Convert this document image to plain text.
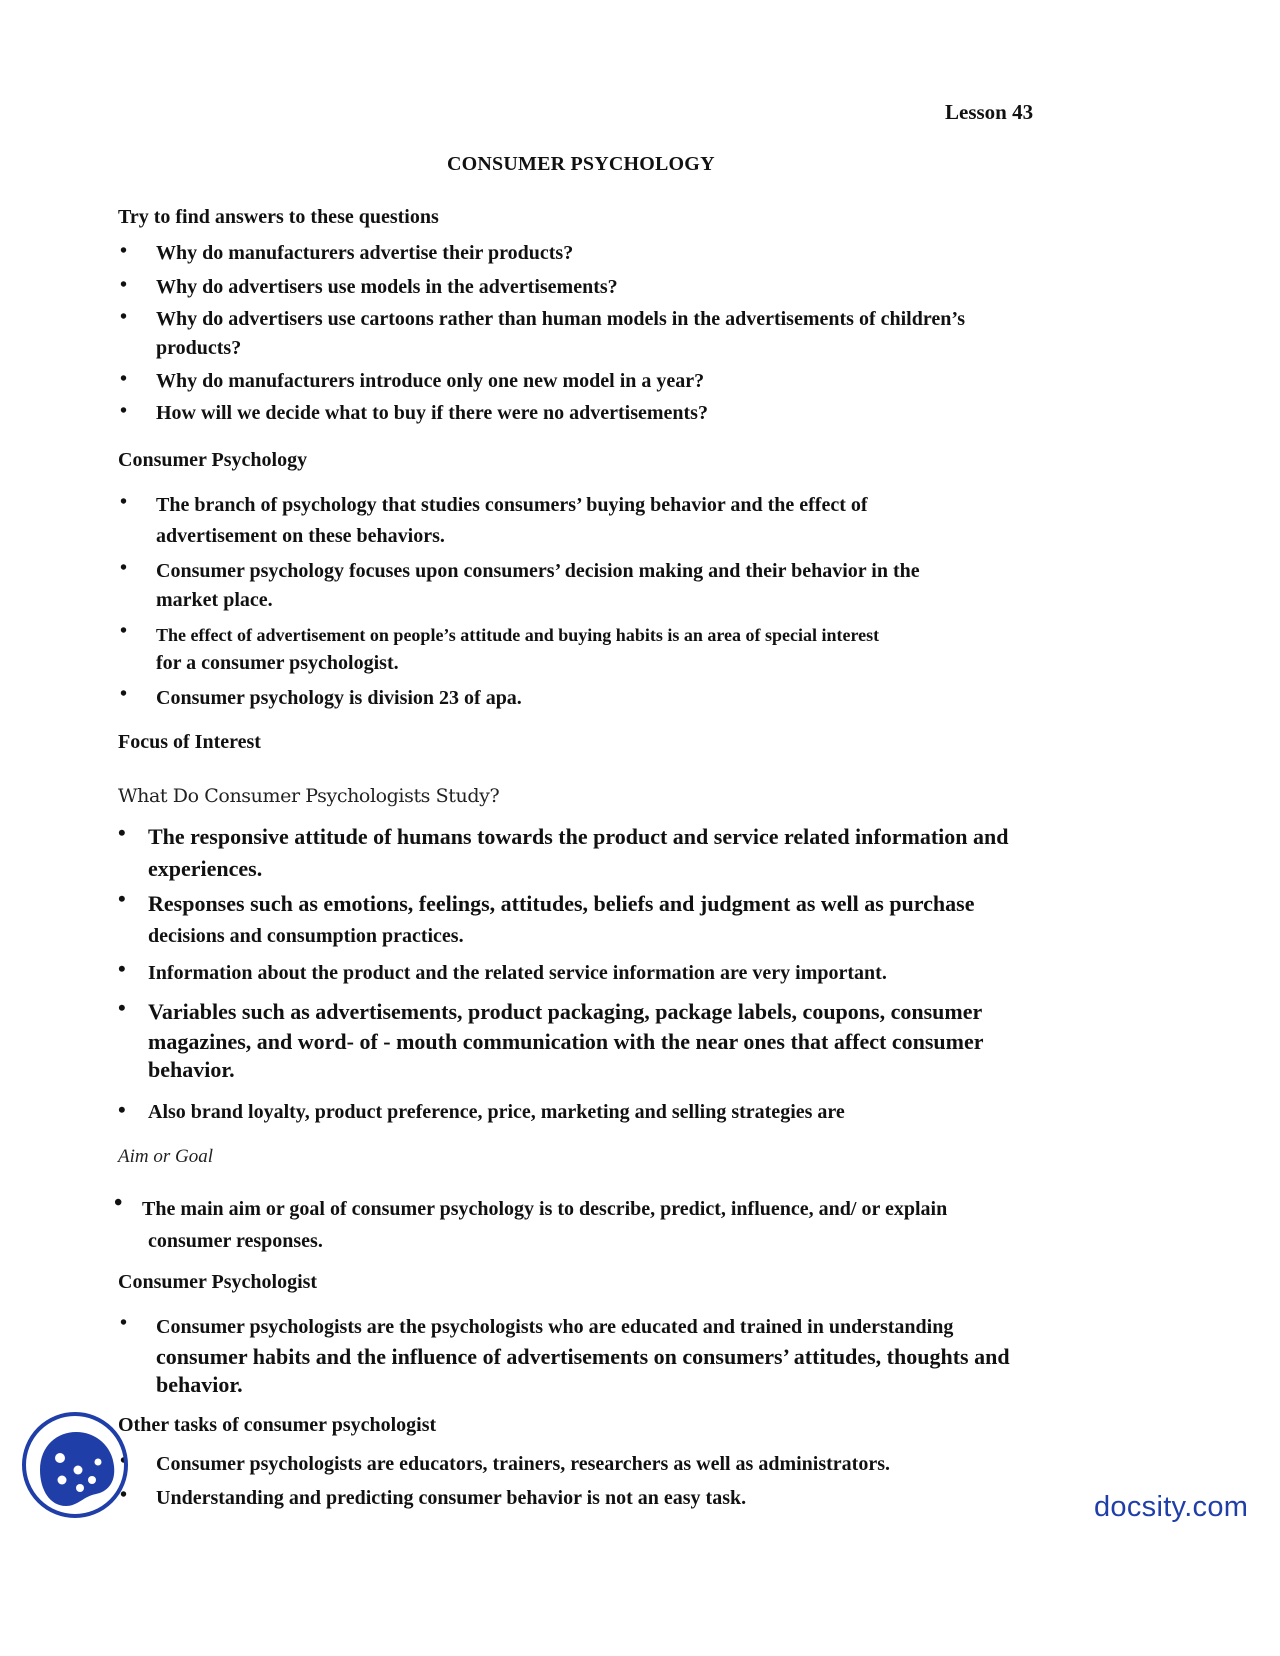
Lesson 43
CONSUMER PSYCHOLOGY
Try to find answers to these questions
• Why do manufacturers advertise their products?
• Why do advertisers use models in the advertisements?
• Why do advertisers use cartoons rather than human models in the advertisements of children’s
products?
• Why do manufacturers introduce only one new model in a year?
• How will we decide what to buy if there were no advertisements?
Consumer Psychology
• The branch of psychology that studies consumers’ buying behavior and the effect of
advertisement on these behaviors.
• Consumer psychology focuses upon consumers’ decision making and their behavior in the
market place.
• The effect of advertisement on people’s attitude and buying habits is an area of special interest
for a consumer psychologist.
• Consumer psychology is division 23 of apa.
Focus of Interest
What Do Consumer Psychologists Study?
• The responsive attitude of humans towards the product and service related information and
experiences.
• Responses such as emotions, feelings, attitudes, beliefs and judgment as well as purchase
decisions and consumption practices.
• Information about the product and the related service information are very important.
• Variables such as advertisements, product packaging, package labels, coupons, consumer
magazines, and word- of - mouth communication with the near ones that affect consumer
behavior.
• Also brand loyalty, product preference, price, marketing and selling strategies are
Aim or Goal
• The main aim or goal of consumer psychology is to describe, predict, influence, and/ or explain
consumer responses.
Consumer Psychologist
• Consumer psychologists are the psychologists who are educated and trained in understanding
consumer habits and the influence of advertisements on consumers’ attitudes, thoughts and
behavior.
Other tasks of consumer psychologist
• Consumer psychologists are educators, trainers, researchers as well as administrators.
• Understanding and predicting consumer behavior is not an easy task.	docsity.com
